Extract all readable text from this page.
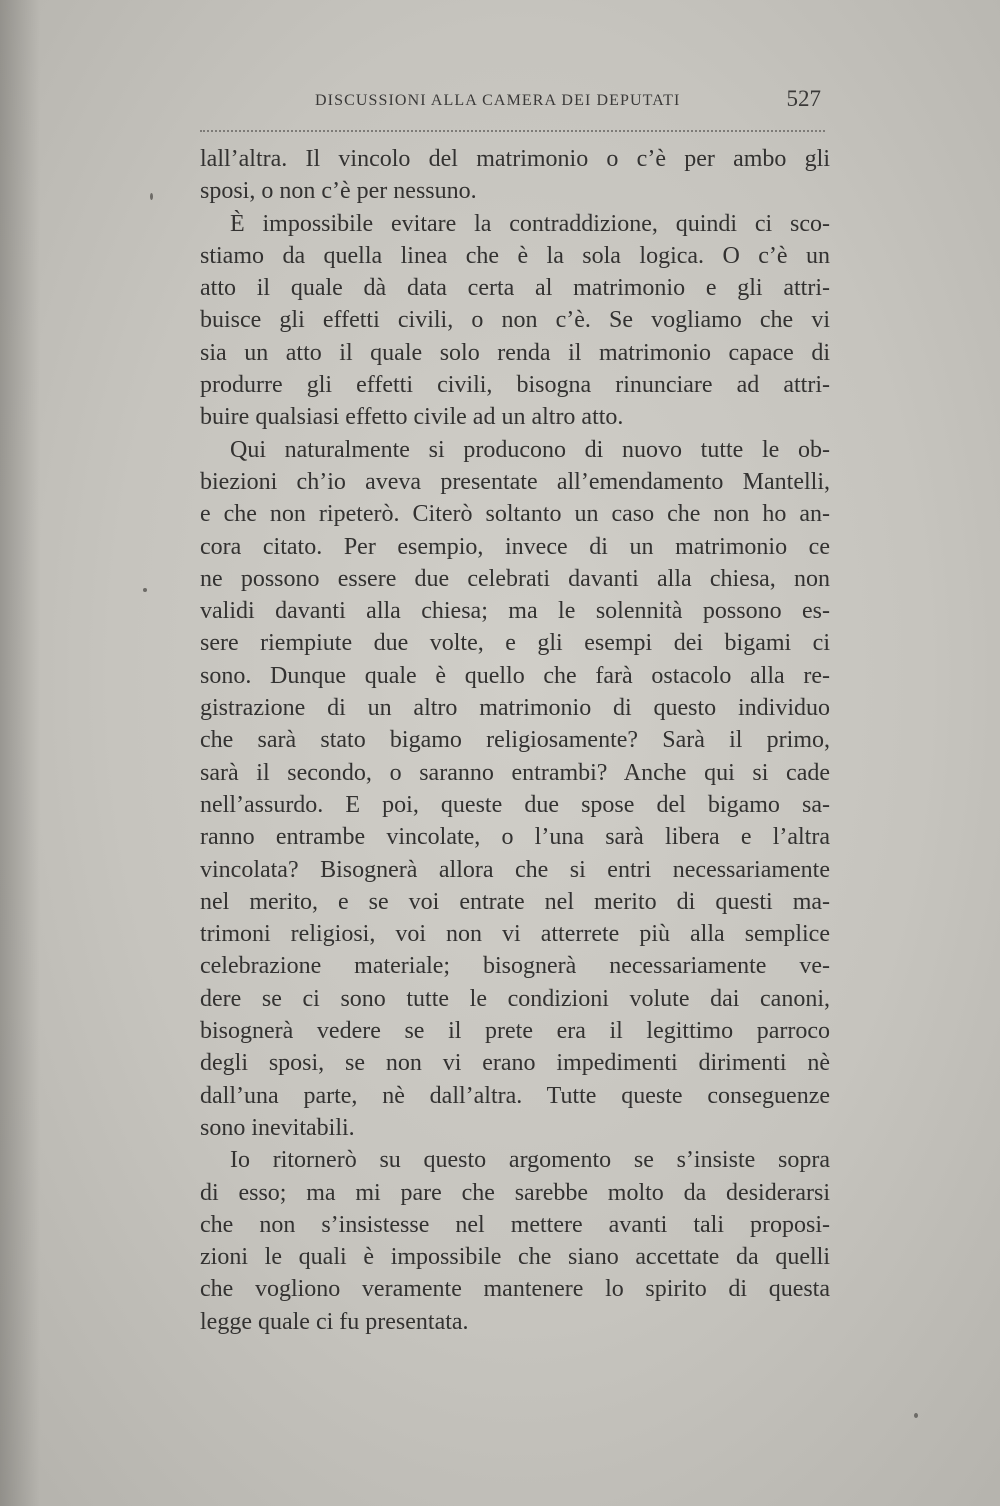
DISCUSSIONI ALLA CAMERA DEI DEPUTATI	527
lall’altra. Il vincolo del matrimonio o c’è per ambo gli
sposi, o non c’è per nessuno.
È impossibile evitare la contraddizione, quindi ci sco-
stiamo da quella linea che è la sola logica. O c’è un
atto il quale dà data certa al matrimonio e gli attri-
buisce gli effetti civili, o non c’è. Se vogliamo che vi
sia un atto il quale solo renda il matrimonio capace di
produrre gli effetti civili, bisogna rinunciare ad attri-
buire qualsiasi effetto civile ad un altro atto.
Qui naturalmente si producono di nuovo tutte le ob-
biezioni ch’io aveva presentate all’emendamento Mantelli,
e che non ripeterò. Citerò soltanto un caso che non ho an-
cora citato. Per esempio, invece di un matrimonio ce
ne possono essere due celebrati davanti alla chiesa, non
validi davanti alla chiesa; ma le solennità possono es-
sere riempiute due volte, e gli esempi dei bigami ci
sono. Dunque quale è quello che farà ostacolo alla re-
gistrazione di un altro matrimonio di questo individuo
che sarà stato bigamo religiosamente? Sarà il primo,
sarà il secondo, o saranno entrambi? Anche qui si cade
nell’assurdo. E poi, queste due spose del bigamo sa-
ranno entrambe vincolate, o l’una sarà libera e l’altra
vincolata? Bisognerà allora che si entri necessariamente
nel merito, e se voi entrate nel merito di questi ma-
trimoni religiosi, voi non vi atterrete più alla semplice
celebrazione materiale; bisognerà necessariamente ve-
dere se ci sono tutte le condizioni volute dai canoni,
bisognerà vedere se il prete era il legittimo parroco
degli sposi, se non vi erano impedimenti dirimenti nè
dall’una parte, nè dall’altra. Tutte queste conseguenze
sono inevitabili.
Io ritornerò su questo argomento se s’insiste sopra
di esso; ma mi pare che sarebbe molto da desiderarsi
che non s’insistesse nel mettere avanti tali proposi-
zioni le quali è impossibile che siano accettate da quelli
che vogliono veramente mantenere lo spirito di questa
legge quale ci fu presentata.
